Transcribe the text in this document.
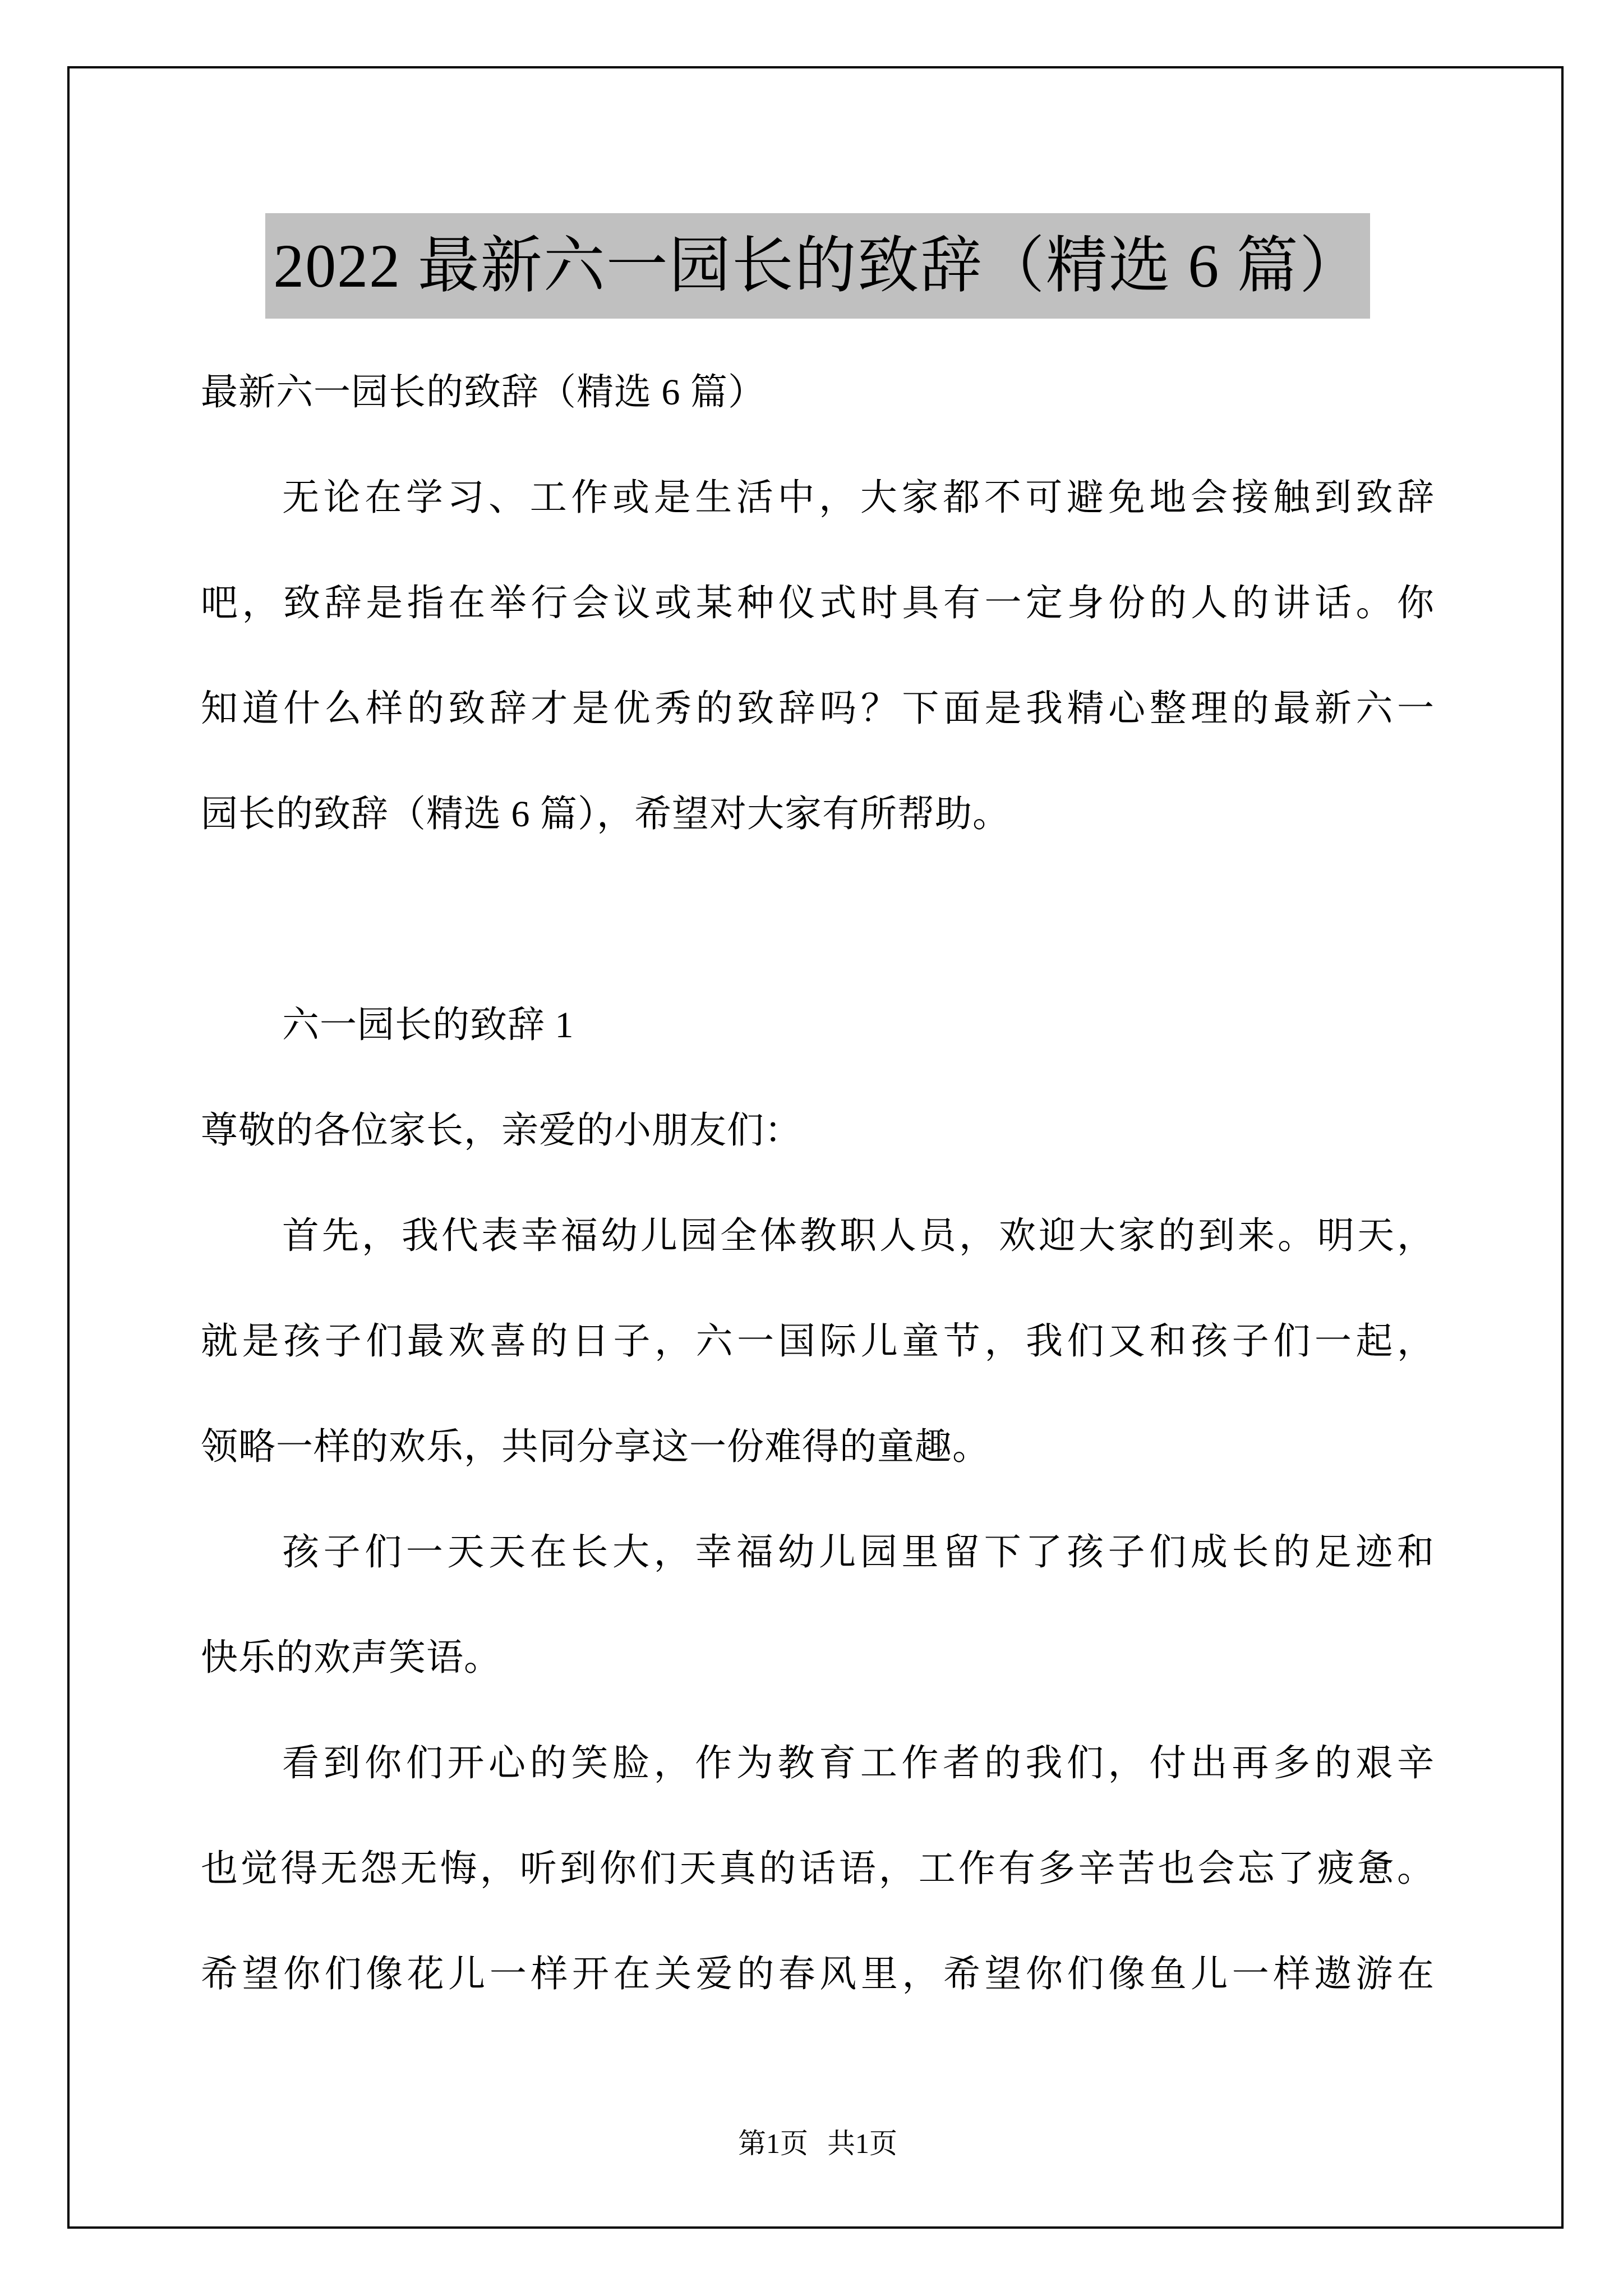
2022 最新六一园长的致辞（精选 6 篇）
最新六一园长的致辞（精选 6 篇）
无论在学习、工作或是生活中，大家都不可避免地会接触到致辞
吧，致辞是指在举行会议或某种仪式时具有一定身份的人的讲话。你
知道什么样的致辞才是优秀的致辞吗？下面是我精心整理的最新六一
园长的致辞（精选 6 篇），希望对大家有所帮助。
六一园长的致辞 1
尊敬的各位家长，亲爱的小朋友们：
首先，我代表幸福幼儿园全体教职人员，欢迎大家的到来。明天，
就是孩子们最欢喜的日子，六一国际儿童节，我们又和孩子们一起，
领略一样的欢乐，共同分享这一份难得的童趣。
孩子们一天天在长大，幸福幼儿园里留下了孩子们成长的足迹和
快乐的欢声笑语。
看到你们开心的笑脸，作为教育工作者的我们，付出再多的艰辛
也觉得无怨无悔，听到你们天真的话语，工作有多辛苦也会忘了疲惫。
希望你们像花儿一样开在关爱的春风里，希望你们像鱼儿一样遨游在
第1页 共1页
